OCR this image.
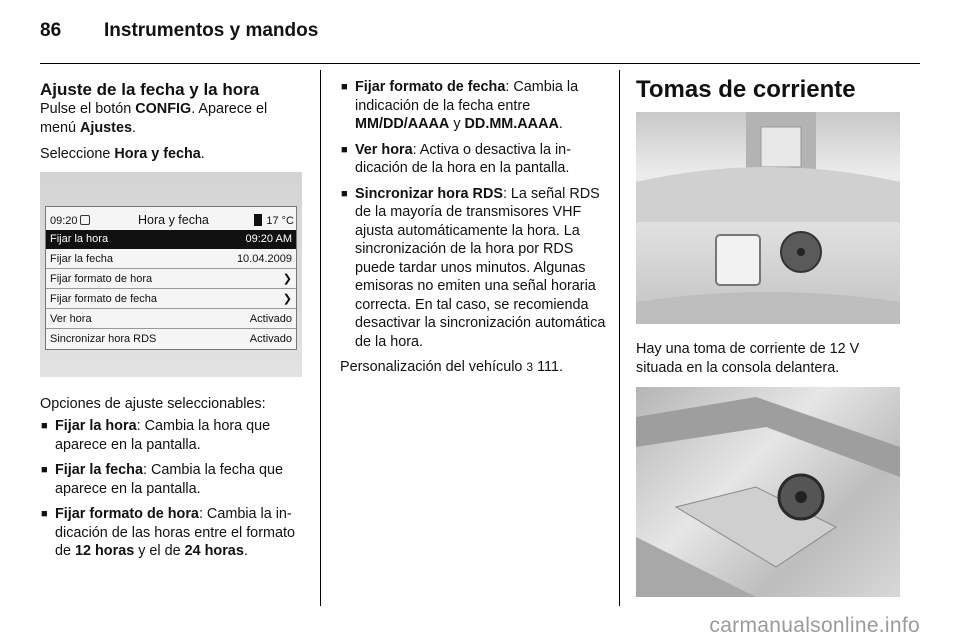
86 Instrumentos y mandos
Ajuste de la fecha y la hora

Pulse el botón CONFIG. Aparece el menú Ajustes.

Seleccione Hora y fecha.

09:20	Hora y fecha	17 °C
Fijar la hora	09:20 AM
Fijar la fecha	10.04.2009
Fijar formato de hora	❯
Fijar formato de fecha	❯
Ver hora	Activado
Sincronizar hora RDS	Activado

Opciones de ajuste seleccionables:

■ Fijar la hora: Cambia la hora que aparece en la pantalla.
■ Fijar la fecha: Cambia la fecha que aparece en la pantalla.
■ Fijar formato de hora: Cambia la indicación de las horas entre el formato de 12 horas y el de 24 horas.
■ Fijar formato de fecha: Cambia la indicación de la fecha entre MM/DD/AAAA y DD.MM.AAAA.
■ Ver hora: Activa o desactiva la indicación de la hora en la pantalla.
■ Sincronizar hora RDS: La señal RDS de la mayoría de transmisores VHF ajusta automáticamente la hora. La sincronización de la hora por RDS puede tardar unos minutos. Algunas emisoras no emiten una señal horaria correcta. En tal caso, se recomienda desactivar la sincronización automática de la hora.

Personalización del vehículo 3 111.

Tomas de corriente

Hay una toma de corriente de 12 V situada en la consola delantera.

carmanualsonline.info
